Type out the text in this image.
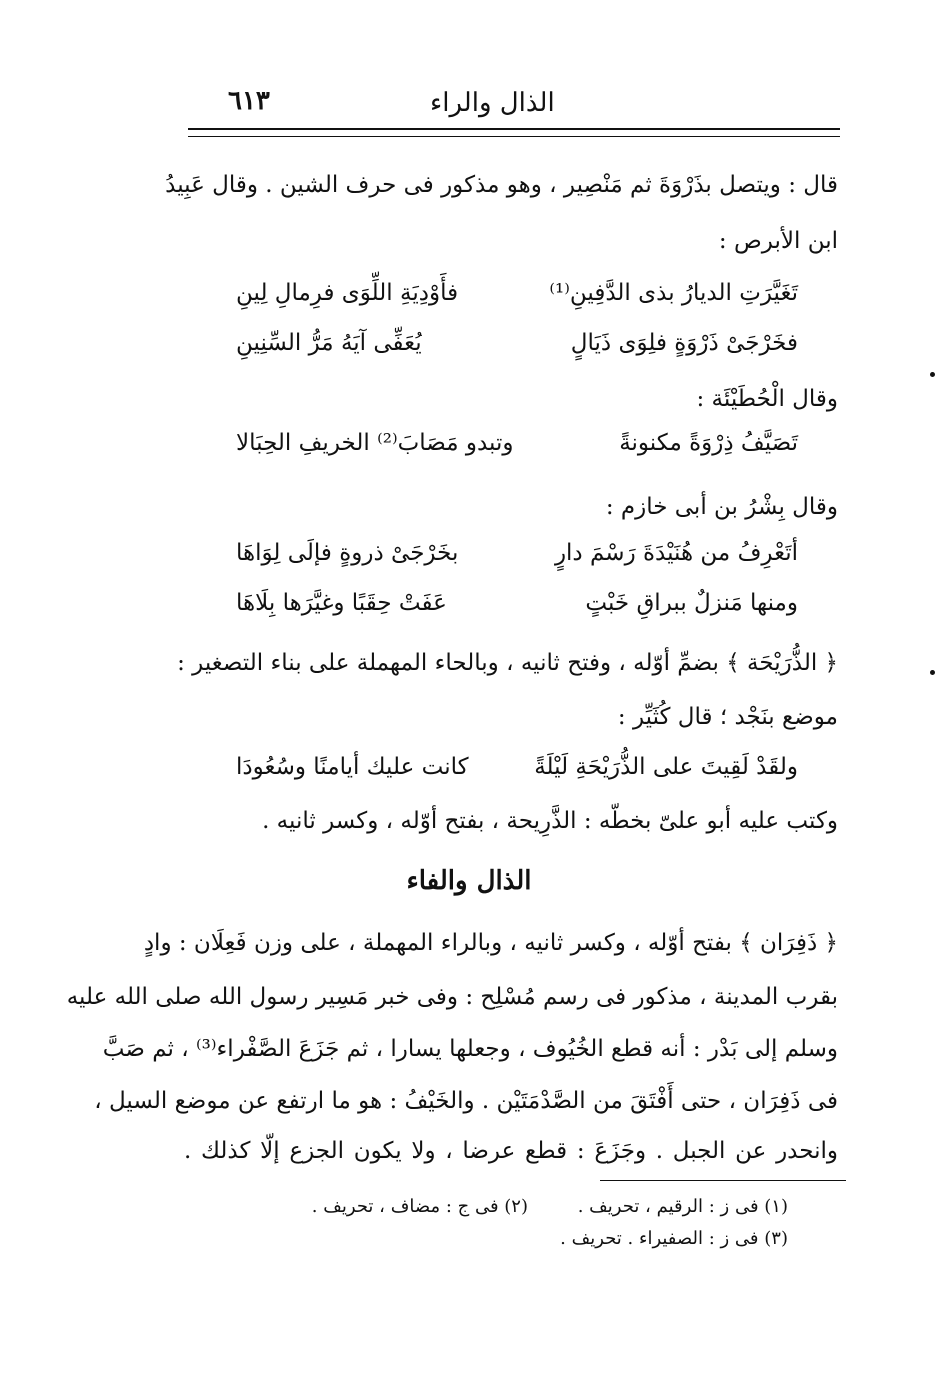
الذال والراء
٦١٣
قال : ويتصل بذَرْوَةَ ثم مَنْصِير ، وهو مذكور فى حرف الشين . وقال عَبِيدُ
ابن الأبرص :
تَغَيَّرَتِ الديارُ بذى الدَّفِينِ⁽¹⁾
فأَوْدِيَةِ اللِّوَى فرِمالِ لِينِ
فخَرْجَىْ ذَرْوَةٍ فلِوَى ذَيَالٍ
يُعَفِّى آيَهُ مَرُّ السِّنِينِ
وقال الْحُطَيْئَة :
تَصَيَّفُ ذِرْوَةً مكنونةً
وتبدو مَصَابَ⁽²⁾ الخريفِ الحِبَالا
وقال بِشْرُ بن أبى خازم :
أتَعْرِفُ من هُنَيْدَةَ رَسْمَ دارٍ
بخَرْجَىْ ذروةٍ فإلَى لِوَاهَا
ومنها مَنزلٌ ببراقِ خَبْتٍ
عَفَتْ حِقَبًا وغيَّرَها بِلَاهَا
﴿ الذُّرَيْحَة ﴾ بضمِّ أوّله ، وفتح ثانيه ، وبالحاء المهملة على بناء التصغير :
موضع بنَجْد ؛ قال كُثَيِّر :
ولقَدْ لَقِيتَ على الذُّرَيْحَةِ لَيْلَةً
كانت عليك أيامنًا وسُعُودَا
وكتب عليه أبو علىّ بخطّه : الذَّرِيحة ، بفتح أوّله ، وكسر ثانيه .
الذال والفاء
﴿ ذَفِرَان ﴾ بفتح أوّله ، وكسر ثانيه ، وبالراء المهملة ، على وزن فَعِلَان : وادٍ
بقرب المدينة ، مذكور فى رسم مُسْلِح : وفى خبر مَسِير رسول الله صلى الله عليه
وسلم إلى بَدْر : أنه قطع الخُيُوف ، وجعلها يسارا ، ثم جَزَعَ الصَّفْراء⁽³⁾ ، ثم صَبَّ
فى ذَفِرَان ، حتى أَفْتَقَ من الصَّدْمَتَيْن . والخَيْفُ : هو ما ارتفع عن موضع السيل ،
وانحدر عن الجبل . وجَزَعَ : قطع عرضا ، ولا يكون الجزع إلّا كذلك .
(١) فى ز : الرقيم ، تحريف .
(٢) فى ج : مضاف ، تحريف .
(٣) فى ز : الصفيراء . تحريف .
